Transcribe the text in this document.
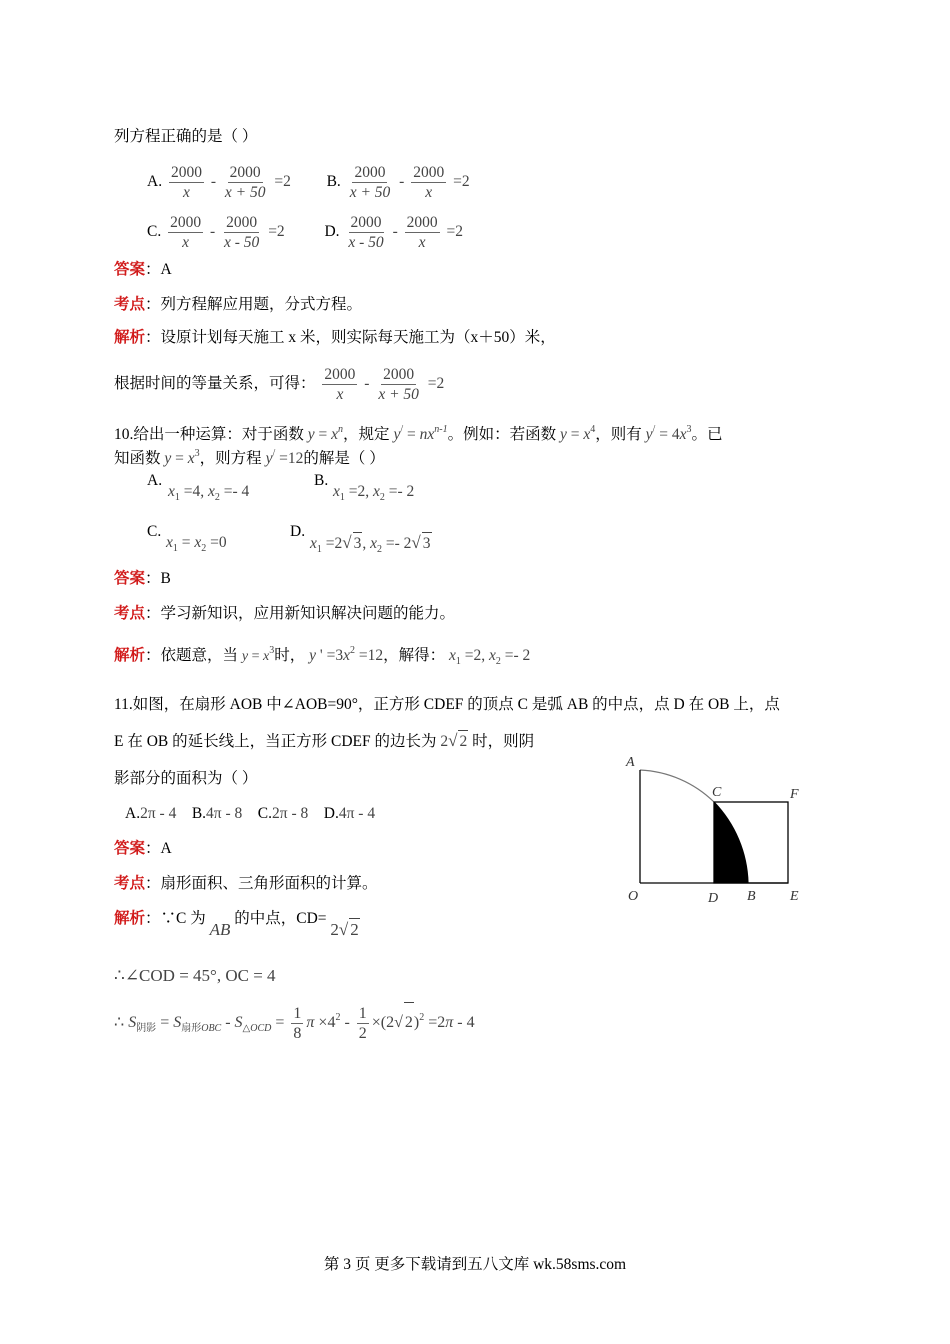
列方程正确的是（ ）
A. $\frac{2000}{x} - \frac{2000}{x + 50} =2$ B. $\frac{2000}{x + 50} - \frac{2000}{x} =2$
C. $\frac{2000}{x} - \frac{2000}{x - 50} =2$	D. $\frac{2000}{x - 50} - \frac{2000}{x} =2$
答案：A
考点：列方程解应用题，分式方程。
解析：设原计划每天施工 x 米，则实际每天施工为（x＋50）米，
根据时间的等量关系，可得： $\frac{2000}{x} - \frac{2000}{x + 50} =2$
10.给出一种运算：对于函数 $y = x^n$，规定 $y^/ = nx^{n-1}$。例如：若函数 $y = x^4$，则有 $y^/ = 4x^3$。已
知函数 $y = x^3$，则方程 y/ =12的解是（ ）
A.
$x_1 =4$, $x_2 =- 4$
B.
$x_1 =2$, $x_2 =- 2$
C.
$x_1 = x_2 =0$
D.
$x_1 =2√$ 3, $x_2 =- 2√$ 3
答案：B
考点：学习新知识，应用新知识解决问题的能力。
解析：依题意，当 $y = x^3$时， y ' $=3x^2 =12$，解得： $x_1 =2$, $x_2 =- 2$
11.如图，在扇形 AOB 中∠AOB=90°，正方形 CDEF 的顶点 C 是弧 AB 的中点，点 D 在 OB 上，点
E 在 OB 的延长线上，当正方形 CDEF 的边长为 2√ 2 时，则阴
影部分的面积为（ ）
A.2π - 4 B.4π - 8 C.2π - 8 D.4π - 4
答案：A
考点：扇形面积、三角形面积的计算。
解析：∵C 为 AB 的中点，CD= 2√ 2
∴∠COD = 45°, OC = 4
∴ $S_{阴影} = S_{扇形OBC} - S_{\triangle OCD} = \frac{1}{8}$ $\pi \times 4^2 - \frac{1}{2} \times(2√$ 2)$^2$ =2π - 4
A
C	F
O	D B E
第 3 页 更多下载请到五八文库 wk.58sms.com
